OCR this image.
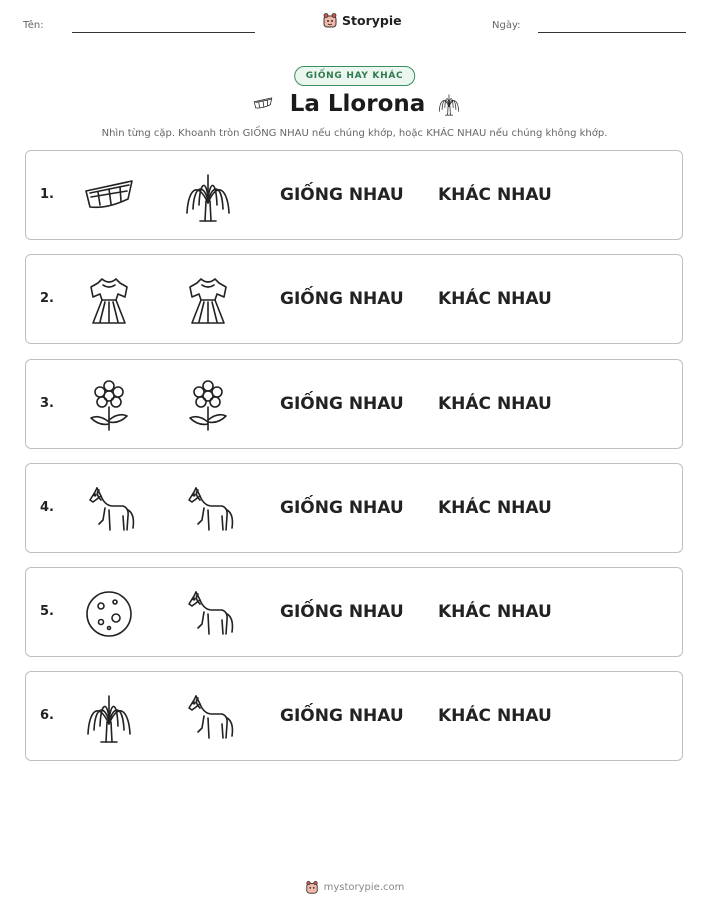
Tên:	Storypie	Ngày:
GIỐNG HAY KHÁC
La Llorona
Nhìn từng cặp. Khoanh tròn GIỐNG NHAU nếu chúng khớp, hoặc KHÁC NHAU nếu chúng không khớp.
1.	GIỐNG NHAU KHÁC NHAU
2.	GIỐNG NHAU KHÁC NHAU
3.	GIỐNG NHAU KHÁC NHAU
4.	GIỐNG NHAU KHÁC NHAU
5.	GIỐNG NHAU KHÁC NHAU
6.	GIỐNG NHAU KHÁC NHAU
mystorypie.com
